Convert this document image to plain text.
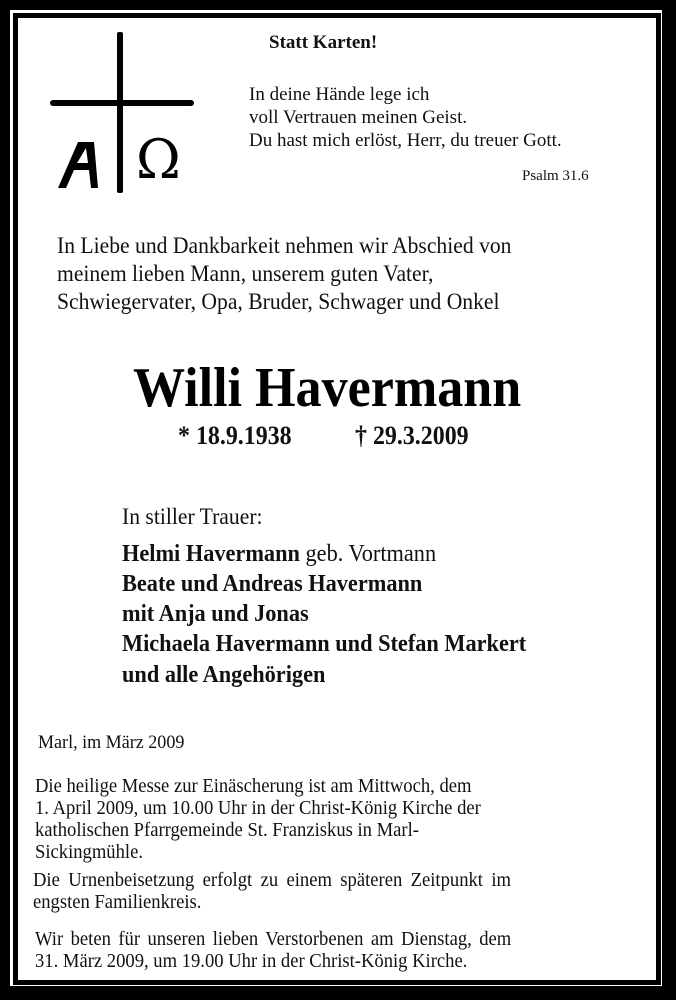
Ω
Statt Karten!
In deine Hände lege ich
voll Vertrauen meinen Geist.
Du hast mich erlöst, Herr, du treuer Gott.
Psalm 31.6
In Liebe und Dankbarkeit nehmen wir Abschied von
meinem lieben Mann, unserem guten Vater,
Schwiegervater, Opa, Bruder, Schwager und Onkel
Willi Havermann
* 18.9.1938 † 29.3.2009
In stiller Trauer:
Helmi Havermann geb. Vortmann
Beate und Andreas Havermann
mit Anja und Jonas
Michaela Havermann und Stefan Markert
und alle Angehörigen
Marl, im März 2009
Die heilige Messe zur Einäscherung ist am Mittwoch, dem
1. April 2009, um 10.00 Uhr in der Christ-König Kirche der
katholischen Pfarrgemeinde St. Franziskus in Marl-
Sickingmühle.
Die Urnenbeisetzung erfolgt zu einem späteren Zeitpunkt im
engsten Familienkreis.
Wir beten für unseren lieben Verstorbenen am Dienstag, dem
31. März 2009, um 19.00 Uhr in der Christ-König Kirche.
